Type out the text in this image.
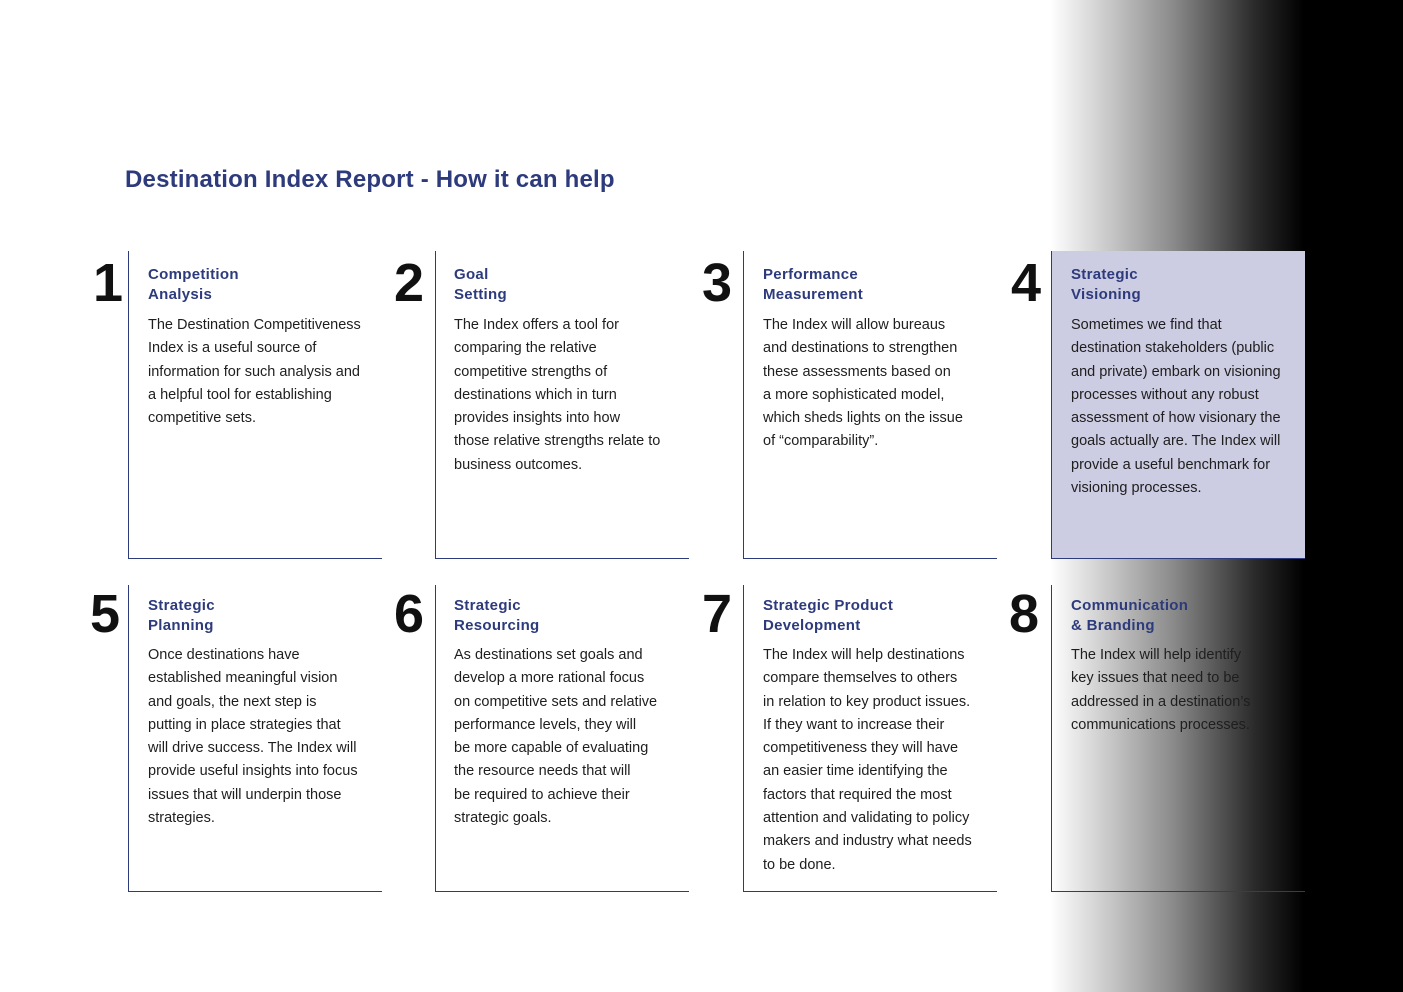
Destination Index Report - How it can help
1	Competition
Analysis
The Destination Competitiveness
Index is a useful source of
information for such analysis and
a helpful tool for establishing
competitive sets.
2	Goal
Setting
The Index offers a tool for
comparing the relative
competitive strengths of
destinations which in turn
provides insights into how
those relative strengths relate to
business outcomes.
3	Performance
Measurement
The Index will allow bureaus
and destinations to strengthen
these assessments based on
a more sophisticated model,
which sheds lights on the issue
of “comparability”.
4	Strategic
Visioning
Sometimes we find that
destination stakeholders (public
and private) embark on visioning
processes without any robust
assessment of how visionary the
goals actually are. The Index will
provide a useful benchmark for
visioning processes.
5	Strategic
Planning
Once destinations have
established meaningful vision
and goals, the next step is
putting in place strategies that
will drive success. The Index will
provide useful insights into focus
issues that will underpin those
strategies.
6	Strategic
Resourcing
As destinations set goals and
develop a more rational focus
on competitive sets and relative
performance levels, they will
be more capable of evaluating
the resource needs that will
be required to achieve their
strategic goals.
7	Strategic Product
Development
The Index will help destinations
compare themselves to others
in relation to key product issues.
If they want to increase their
competitiveness they will have
an easier time identifying the
factors that required the most
attention and validating to policy
makers and industry what needs
to be done.
8	Communication
& Branding
The Index will help identify
key issues that need to be
addressed in a destination’s
communications processes.
